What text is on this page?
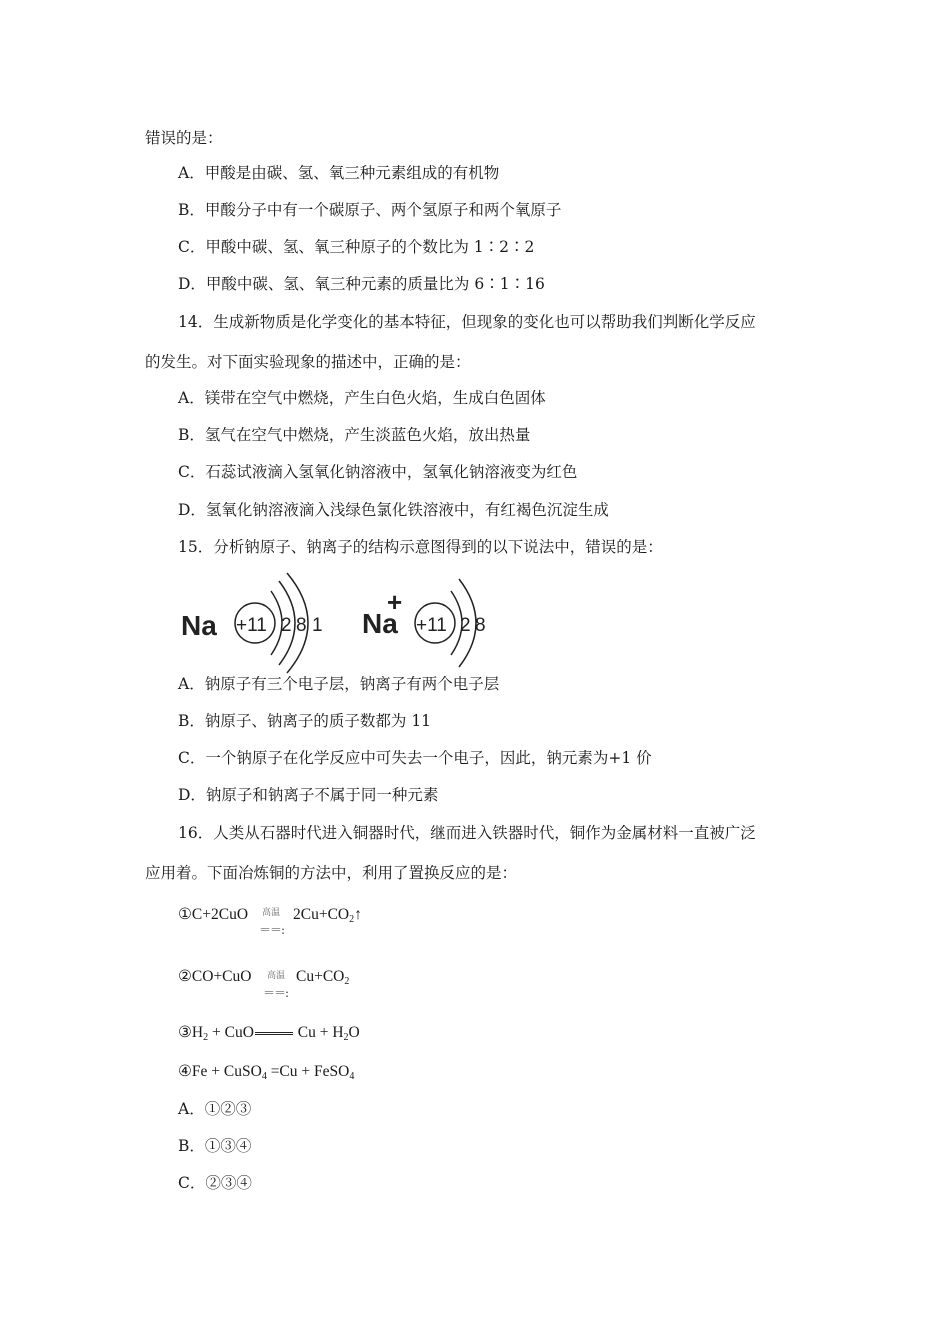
错误的是：
A．甲酸是由碳、氢、氧三种元素组成的有机物
B．甲酸分子中有一个碳原子、两个氢原子和两个氧原子
C．甲酸中碳、氢、氧三种原子的个数比为 1∶2∶2
D．甲酸中碳、氢、氧三种元素的质量比为 6∶1∶16
14．生成新物质是化学变化的基本特征，但现象的变化也可以帮助我们判断化学反应
的发生。对下面实验现象的描述中，正确的是：
A．镁带在空气中燃烧，产生白色火焰，生成白色固体
B．氢气在空气中燃烧，产生淡蓝色火焰，放出热量
C．石蕊试液滴入氢氧化钠溶液中，氢氧化钠溶液变为红色
D．氢氧化钠溶液滴入浅绿色氯化铁溶液中，有红褐色沉淀生成
15．分析钠原子、钠离子的结构示意图得到的以下说法中，错误的是：
Na +11 2 8 1 Na
+
+11 2 8
A．钠原子有三个电子层，钠离子有两个电子层
B．钠原子、钠离子的质子数都为 11
C．一个钠原子在化学反应中可失去一个电子，因此，钠元素为+1 价
D．钠原子和钠离子不属于同一种元素
16．人类从石器时代进入铜器时代，继而进入铁器时代，铜作为金属材料一直被广泛
应用着。下面冶炼铜的方法中，利用了置换反应的是：
①C+2CuO 高温
＝＝:
$2Cu+CO_2↑$
②CO+CuO 高温
＝＝:
$Cu+CO_2$
$③H_2$ + CuO	$Cu + H_2O$
④Fe + CuSO$_4$ =Cu + FeSO$_4$
A．①②③
B．①③④
C．②③④
